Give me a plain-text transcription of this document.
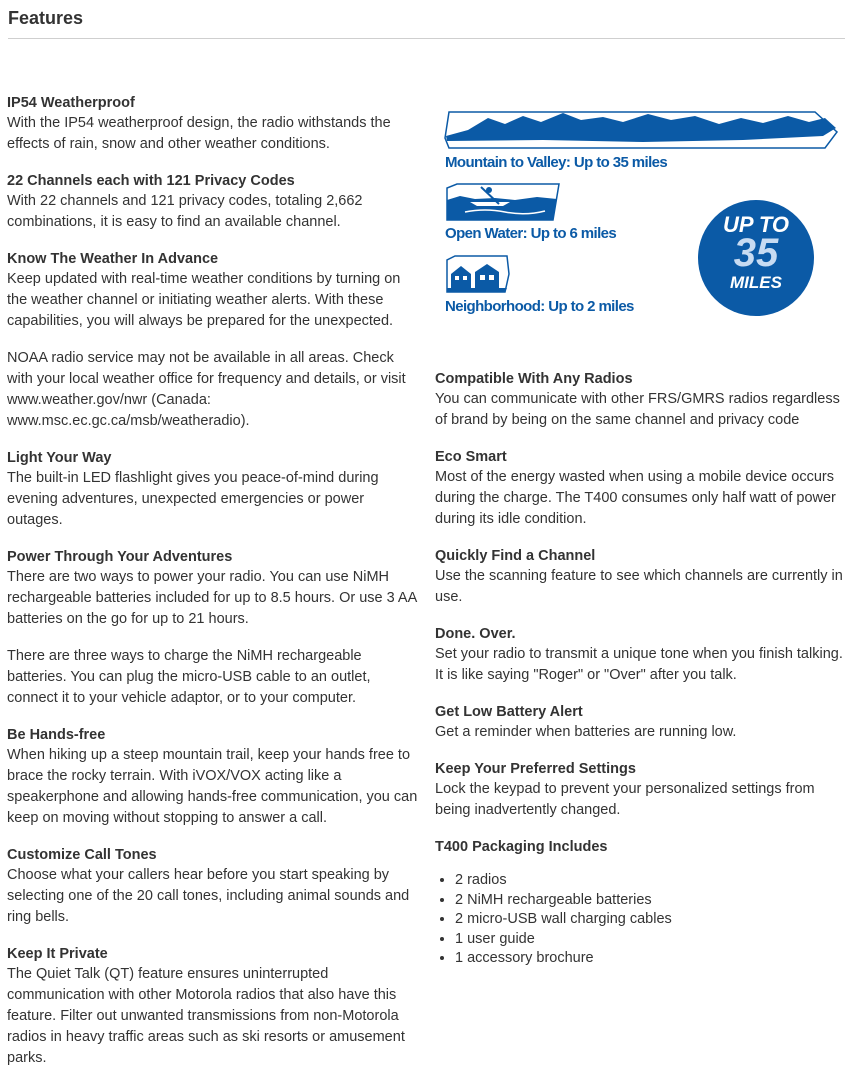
Features
IP54 Weatherproof

With the IP54 weatherproof design, the radio withstands the effects of rain, snow and other weather conditions.

22 Channels each with 121 Privacy Codes

With 22 channels and 121 privacy codes, totaling 2,662 combinations, it is easy to find an available channel.

Know The Weather In Advance

Keep updated with real-time weather conditions by turning on the weather channel or initiating weather alerts. With these capabilities, you will always be prepared for the unexpected.

NOAA radio service may not be available in all areas. Check with your local weather office for frequency and details, or visit www.weather.gov/nwr (Canada: www.msc.ec.gc.ca/msb/weatheradio).

Light Your Way

The built-in LED flashlight gives you peace-of-mind during evening adventures, unexpected emergencies or power outages.

Power Through Your Adventures

There are two ways to power your radio. You can use NiMH rechargeable batteries included for up to 8.5 hours. Or use 3 AA batteries on the go for up to 21 hours.

There are three ways to charge the NiMH rechargeable batteries. You can plug the micro-USB cable to an outlet, connect it to your vehicle adaptor, or to your computer.

Be Hands-free

When hiking up a steep mountain trail, keep your hands free to brace the rocky terrain. With iVOX/VOX acting like a speakerphone and allowing hands-free communication, you can keep on moving without stopping to answer a call.

Customize Call Tones

Choose what your callers hear before you start speaking by selecting one of the 20 call tones, including animal sounds and ring bells.

Keep It Private

The Quiet Talk (QT) feature ensures uninterrupted communication with other Motorola radios that also have this feature. Filter out unwanted transmissions from non-Motorola radios in heavy traffic areas such as ski resorts or amusement parks.

Mountain to Valley: Up to 35 miles
Open Water: Up to 6 miles
Neighborhood: Up to 2 miles
UP TO
35
MILES
Compatible With Any Radios

You can communicate with other FRS/GMRS radios regardless of brand by being on the same channel and privacy code

Eco Smart

Most of the energy wasted when using a mobile device occurs during the charge. The T400 consumes only half watt of power during its idle condition.

Quickly Find a Channel

Use the scanning feature to see which channels are currently in use.

Done. Over.

Set your radio to transmit a unique tone when you finish talking. It is like saying "Roger" or "Over" after you talk.

Get Low Battery Alert

Get a reminder when batteries are running low.

Keep Your Preferred Settings

Lock the keypad to prevent your personalized settings from being inadvertently changed.

T400 Packaging Includes
• 2 radios
• 2 NiMH rechargeable batteries
• 2 micro-USB wall charging cables
• 1 user guide
• 1 accessory brochure
